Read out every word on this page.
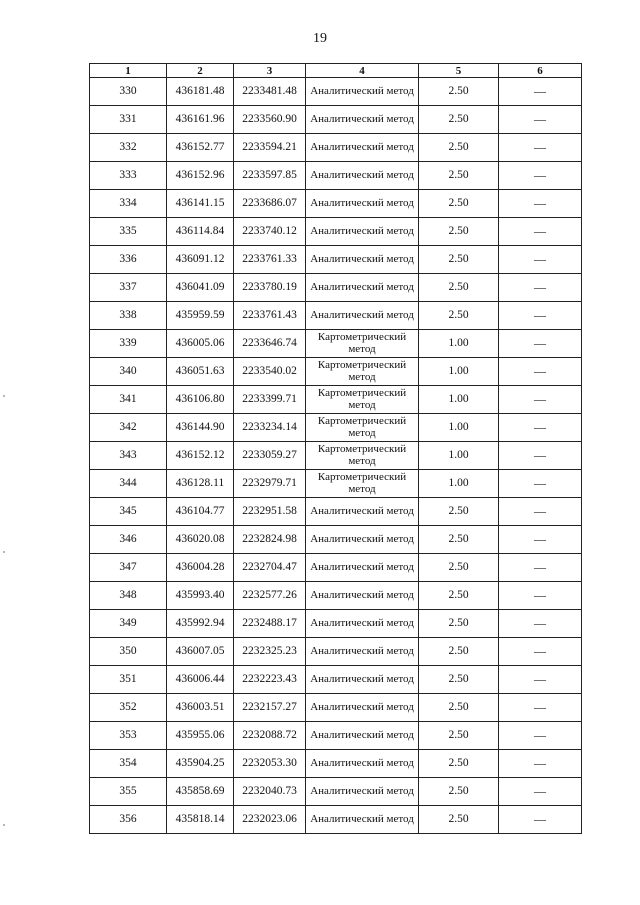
19
1	2	3	4	5	6
330	436181.48	2233481.48	Аналитический метод	2.50	—
331	436161.96	2233560.90	Аналитический метод	2.50	—
332	436152.77	2233594.21	Аналитический метод	2.50	—
333	436152.96	2233597.85	Аналитический метод	2.50	—
334	436141.15	2233686.07	Аналитический метод	2.50	—
335	436114.84	2233740.12	Аналитический метод	2.50	—
336	436091.12	2233761.33	Аналитический метод	2.50	—
337	436041.09	2233780.19	Аналитический метод	2.50	—
338	435959.59	2233761.43	Аналитический метод	2.50	—
339	436005.06	2233646.74	Картометрический метод	1.00	—
340	436051.63	2233540.02	Картометрический метод	1.00	—
341	436106.80	2233399.71	Картометрический метод	1.00	—
342	436144.90	2233234.14	Картометрический метод	1.00	—
343	436152.12	2233059.27	Картометрический метод	1.00	—
344	436128.11	2232979.71	Картометрический метод	1.00	—
345	436104.77	2232951.58	Аналитический метод	2.50	—
346	436020.08	2232824.98	Аналитический метод	2.50	—
347	436004.28	2232704.47	Аналитический метод	2.50	—
348	435993.40	2232577.26	Аналитический метод	2.50	—
349	435992.94	2232488.17	Аналитический метод	2.50	—
350	436007.05	2232325.23	Аналитический метод	2.50	—
351	436006.44	2232223.43	Аналитический метод	2.50	—
352	436003.51	2232157.27	Аналитический метод	2.50	—
353	435955.06	2232088.72	Аналитический метод	2.50	—
354	435904.25	2232053.30	Аналитический метод	2.50	—
355	435858.69	2232040.73	Аналитический метод	2.50	—
356	435818.14	2232023.06	Аналитический метод	2.50	—
